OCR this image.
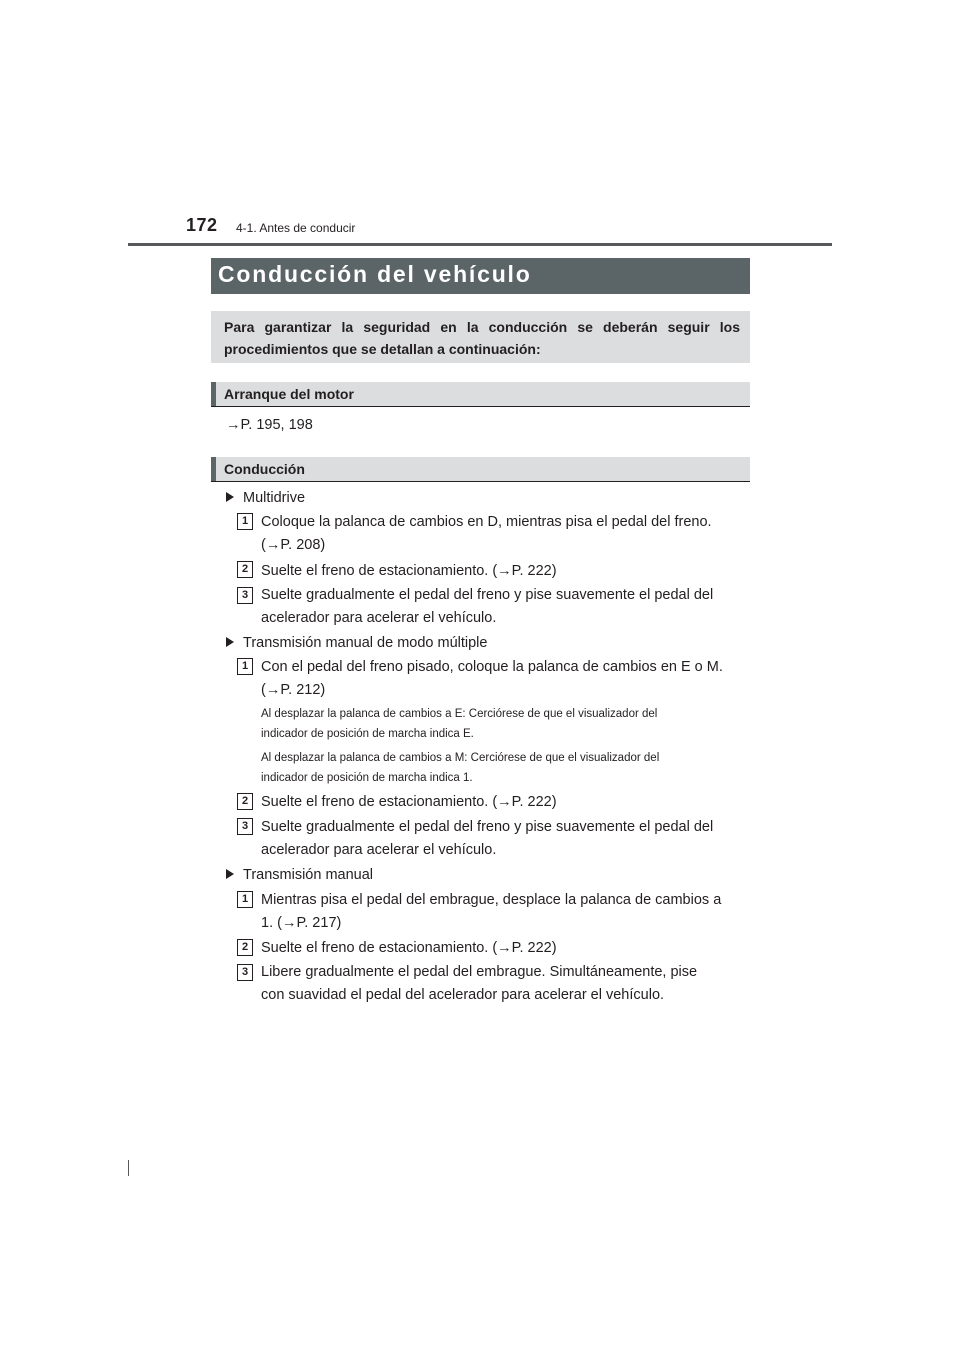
172 4-1. Antes de conducir
Conducción del vehículo
Para garantizar la seguridad en la conducción se deberán seguir los procedimientos que se detallan a continuación:
Arranque del motor
→P. 195, 198
Conducción
Multidrive
1 Coloque la palanca de cambios en D, mientras pisa el pedal del freno.
(→P. 208)
2 Suelte el freno de estacionamiento. (→P. 222)
3 Suelte gradualmente el pedal del freno y pise suavemente el pedal del
acelerador para acelerar el vehículo.
Transmisión manual de modo múltiple
1 Con el pedal del freno pisado, coloque la palanca de cambios en E o M.
(→P. 212)
Al desplazar la palanca de cambios a E: Cerciórese de que el visualizador del
indicador de posición de marcha indica E.
Al desplazar la palanca de cambios a M: Cerciórese de que el visualizador del
indicador de posición de marcha indica 1.
2 Suelte el freno de estacionamiento. (→P. 222)
3 Suelte gradualmente el pedal del freno y pise suavemente el pedal del
acelerador para acelerar el vehículo.
Transmisión manual
1 Mientras pisa el pedal del embrague, desplace la palanca de cambios a
1. (→P. 217)
2 Suelte el freno de estacionamiento. (→P. 222)
3 Libere gradualmente el pedal del embrague. Simultáneamente, pise
con suavidad el pedal del acelerador para acelerar el vehículo.
